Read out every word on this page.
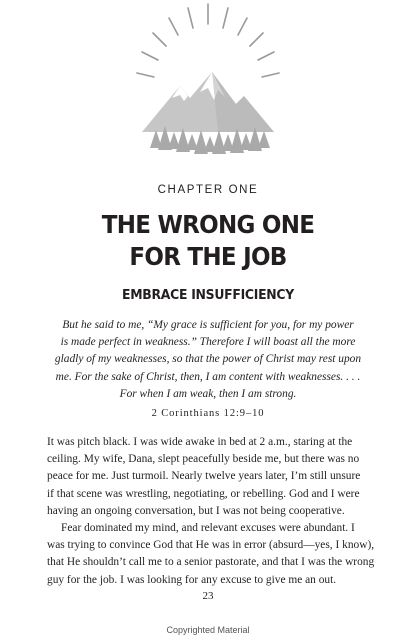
CHAPTER ONE
THE WRONG ONE
FOR THE JOB
EMBRACE INSUFFICIENCY
But he said to me, “My grace is sufficient for you, for my power
is made perfect in weakness.” Therefore I will boast all the more
gladly of my weaknesses, so that the power of Christ may rest upon
me. For the sake of Christ, then, I am content with weaknesses. . . .
For when I am weak, then I am strong.
2 Corinthians 12:9–10
It was pitch black. I was wide awake in bed at 2 a.m., staring at the
ceiling. My wife, Dana, slept peacefully beside me, but there was no
peace for me. Just turmoil. Nearly twelve years later, I’m still unsure
if that scene was wrestling, negotiating, or rebelling. God and I were
having an ongoing conversation, but I was not being cooperative.
Fear dominated my mind, and relevant excuses were abundant. I
was trying to convince God that He was in error (absurd—yes, I know),
that He shouldn’t call me to a senior pastorate, and that I was the wrong
guy for the job. I was looking for any excuse to give me an out.
23
Copyrighted Material
